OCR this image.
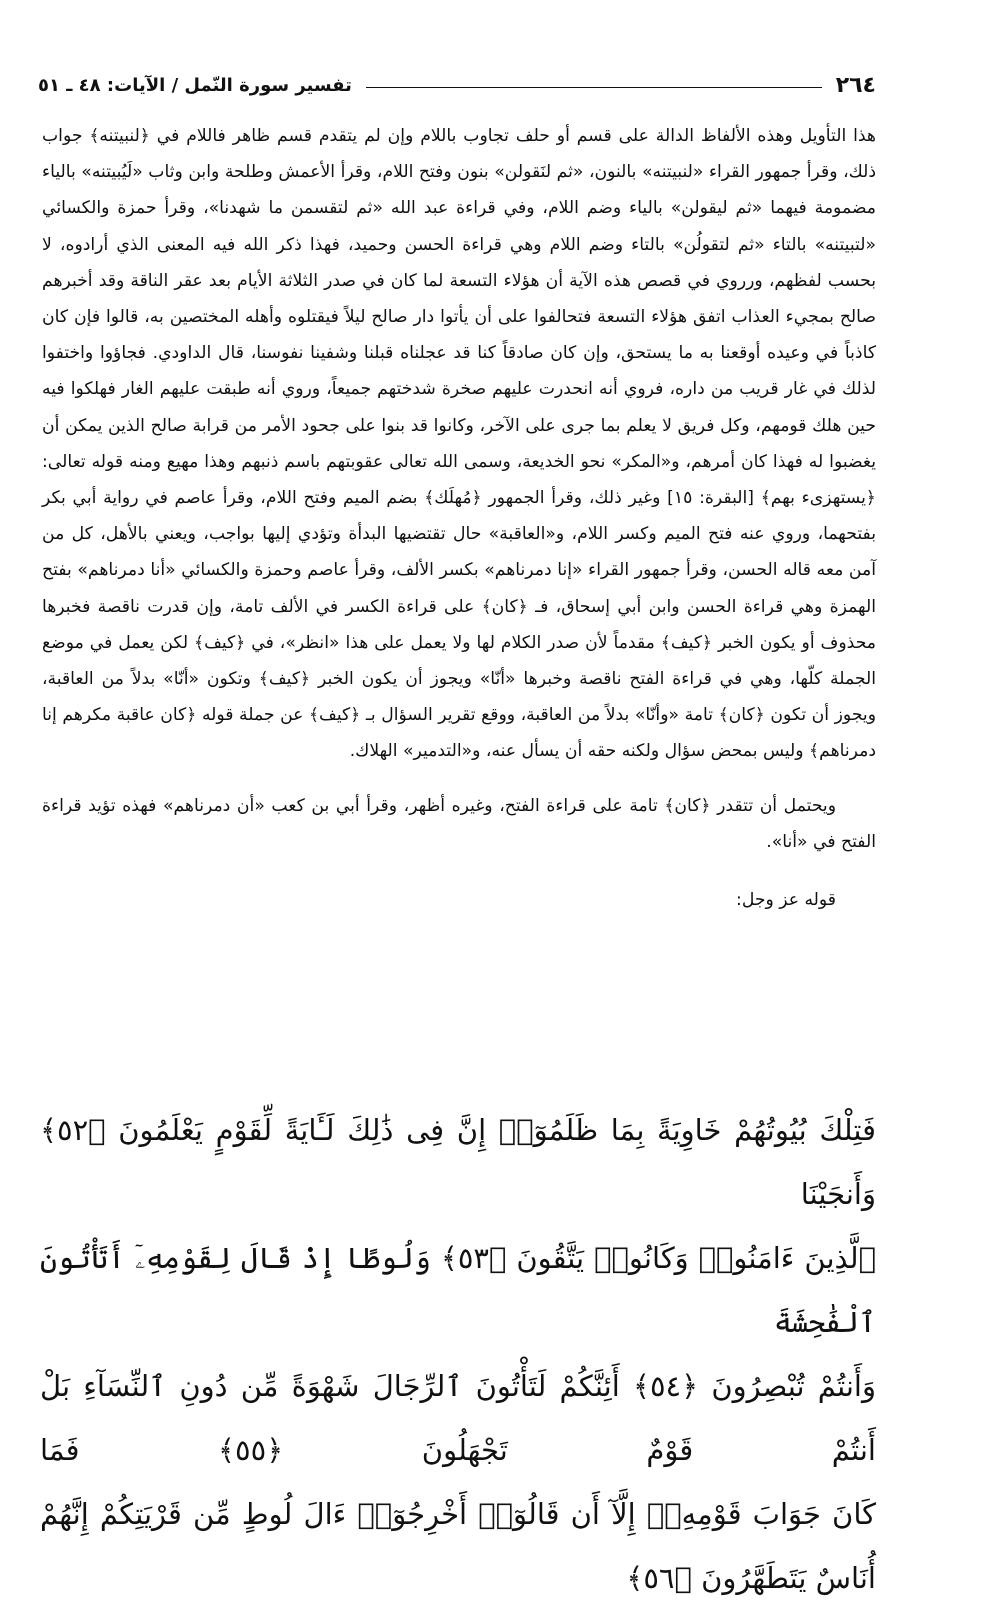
٢٦٤
تفسير سورة النّمل / الآيات: ٤٨ ـ ٥١

هذا التأويل وهذه الألفاظ الدالة على قسم أو حلف تجاوب باللام وإن لم يتقدم قسم ظاهر فاللام في ﴿لنبيتنه﴾ جواب ذلك، وقرأ جمهور القراء «لنبيتنه» بالنون، «ثم لنَقولن» بنون وفتح اللام، وقرأ الأعمش وطلحة وابن وثاب «لَيُبيتنه» بالياء مضمومة فيهما «ثم ليقولن» بالياء وضم اللام، وفي قراءة عبد الله «ثم لتقسمن ما شهدنا»، وقرأ حمزة والكسائي «لتبيتنه» بالتاء «ثم لتقولُن» بالتاء وضم اللام وهي قراءة الحسن وحميد، فهذا ذكر الله فيه المعنى الذي أرادوه، لا بحسب لفظهم، ورروي في قصص هذه الآية أن هؤلاء التسعة لما كان في صدر الثلاثة الأيام بعد عقر الناقة وقد أخبرهم صالح بمجيء العذاب اتفق هؤلاء التسعة فتحالفوا على أن يأتوا دار صالح ليلاً فيقتلوه وأهله المختصين به، قالوا فإن كان كاذباً في وعيده أوقعنا به ما يستحق، وإن كان صادقاً كنا قد عجلناه قبلنا وشفينا نفوسنا، قال الداودي. فجاؤوا واختفوا لذلك في غار قريب من داره، فروي أنه انحدرت عليهم صخرة شدختهم جميعاً، وروي أنه طبقت عليهم الغار فهلكوا فيه حين هلك قومهم، وكل فريق لا يعلم بما جرى على الآخر، وكانوا قد بنوا على جحود الأمر من قرابة صالح الذين يمكن أن يغضبوا له فهذا كان أمرهم، و«المكر» نحو الخديعة، وسمى الله تعالى عقوبتهم باسم ذنبهم وهذا مهيع ومنه قوله تعالى: ﴿يستهزىء بهم﴾ [البقرة: ١٥] وغير ذلك، وقرأ الجمهور ﴿مُهلَك﴾ بضم الميم وفتح اللام، وقرأ عاصم في رواية أبي بكر بفتحهما، وروي عنه فتح الميم وكسر اللام، و«العاقبة» حال تقتضيها البدأة وتؤدي إليها بواجب، ويعني بالأهل، كل من آمن معه قاله الحسن، وقرأ جمهور القراء «إنا دمرناهم» بكسر الألف، وقرأ عاصم وحمزة والكسائي «أنا دمرناهم» بفتح الهمزة وهي قراءة الحسن وابن أبي إسحاق، فـ ﴿كان﴾ على قراءة الكسر في الألف تامة، وإن قدرت ناقصة فخبرها محذوف أو يكون الخبر ﴿كيف﴾ مقدماً لأن صدر الكلام لها ولا يعمل على هذا «انظر»، في ﴿كيف﴾ لكن يعمل في موضع الجملة كلّها، وهي في قراءة الفتح ناقصة وخبرها «أنّا» ويجوز أن يكون الخبر ﴿كيف﴾ وتكون «أنّا» بدلاً من العاقبة، ويجوز أن تكون ﴿كان﴾ تامة «وأنّا» بدلاً من العاقبة، ووقع تقرير السؤال بـ ﴿كيف﴾ عن جملة قوله ﴿كان عاقبة مكرهم إنا دمرناهم﴾ وليس بمحض سؤال ولكنه حقه أن يسأل عنه، و«التدمير» الهلاك.

ويحتمل أن تتقدر ﴿كان﴾ تامة على قراءة الفتح، وغيره أظهر، وقرأ أبي بن كعب «أن دمرناهم» فهذه تؤيد قراءة الفتح في «أنا».

قوله عز وجل:

فَتِلْكَ بُيُوتُهُمْ خَاوِيَةً بِمَا ظَلَمُوٓا۟ إِنَّ فِى ذَٰلِكَ لَـَٔايَةً لِّقَوْمٍ يَعْلَمُونَ ﴿٥٢﴾ وَأَنجَيْنَا

ٱلَّذِينَ ءَامَنُوا۟ وَكَانُوا۟ يَتَّقُونَ ﴿٥٣﴾ وَلُوطًا إِذْ قَالَ لِقَوْمِهِۦٓ أَتَأْتُونَ ٱلْفَٰحِشَةَ

وَأَنتُمْ تُبْصِرُونَ ﴿٥٤﴾ أَئِنَّكُمْ لَتَأْتُونَ ٱلرِّجَالَ شَهْوَةً مِّن دُونِ ٱلنِّسَآءِ بَلْ أَنتُمْ قَوْمٌ تَجْهَلُونَ ﴿٥٥﴾ فَمَا

كَانَ جَوَابَ قَوْمِهِۦٓ إِلَّآ أَن قَالُوٓا۟ أَخْرِجُوٓا۟ ءَالَ لُوطٍ مِّن قَرْيَتِكُمْ إِنَّهُمْ أُنَاسٌ يَتَطَهَّرُونَ ﴿٥٦﴾
